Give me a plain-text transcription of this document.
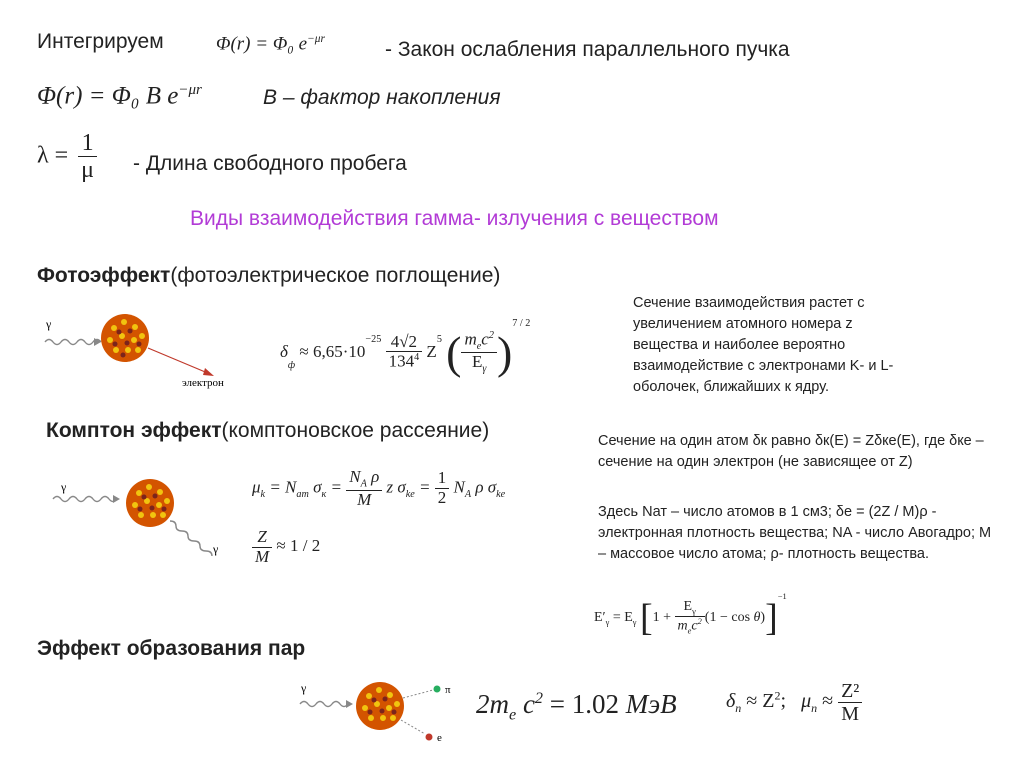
Интегрируем	Φ(r) = Φ₀ $e^{-\mu r}$	- Закон ослабления параллельного пучка
Φ(r) = Φ₀ B $e^{-\mu r}$	B – фактор накопления
$\lambda = \frac{1}{\mu}$ - Длина свободного пробега
Виды взаимодействия гамма- излучения с веществом
Фотоэффект(фотоэлектрическое поглощение)
γ
электрон
$\delta_ф \approx 6,65\cdot 10^{-25} \frac{4√2}{134^4} Z^5$ ( $\frac{m_ec^2}{E_\gamma} )^{7 / 2}$
Сечение взаимодействия растет с увеличением атомного номера z вещества и наиболее вероятно взаимодействие с электронами K- и L-оболочек, ближайших к ядру.
Комптон эффект(комптоновское рассеяние)
γ
γ
$\mu_k = N_{ат}$ $\sigma_к = \frac{N_A \rho}{M}$ z $\sigma_{ke} = \frac{1}{2} N_A$ ρ $\sigma_{ke}$
$\frac{Z}{M} \approx 1 / 2$
Сечение на один атом δк равно δк(E) = Zδкe(E), где δкe – сечение на один электрон (не зависящее от Z)
Здесь Nат – число атомов в 1 см3; δe = (2Z / M)ρ - электронная плотность вещества; NA - число Авогадро; M – массовое число атома; ρ- плотность вещества.
$E'_\gamma = E_\gamma$ $[1 + \frac{E_\gamma}{m_ec^2} (1 - \cos \theta)]^{-1}$
Эффект образования пар
γ	π
e
$2m_е$ $c^2 = 1.02$ MэB $\delta_n \approx Z^2$;   $\mu_n \approx \frac{\text{Z²}}{M}$
